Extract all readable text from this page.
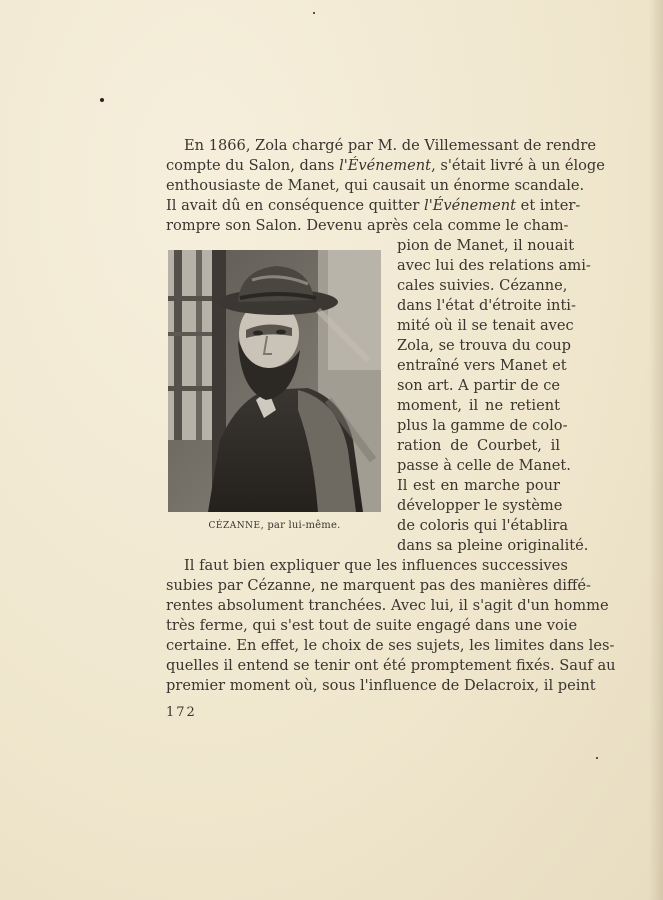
En 1866, Zola chargé par M. de Villemessant de rendre
compte du Salon, dans l'Événement, s'était livré à un éloge
enthousiaste de Manet, qui causait un énorme scandale.
Il avait dû en conséquence quitter l'Événement et inter-
rompre son Salon. Devenu après cela comme le cham-
pion de Manet, il nouait
avec lui des relations ami-
cales suivies. Cézanne,
dans l'état d'étroite inti-
mité où il se tenait avec
Zola, se trouva du coup
entraîné vers Manet et
son art. A partir de ce
moment, il ne retient
plus la gamme de colo-
ration de Courbet, il
passe à celle de Manet.
Il est en marche pour
développer le système
de coloris qui l'établira
dans sa pleine originalité.
CÉZANNE, par lui-même.
Il faut bien expliquer que les influences successives
subies par Cézanne, ne marquent pas des manières diffé-
rentes absolument tranchées. Avec lui, il s'agit d'un homme
très ferme, qui s'est tout de suite engagé dans une voie
certaine. En effet, le choix de ses sujets, les limites dans les-
quelles il entend se tenir ont été promptement fixés. Sauf au
premier moment où, sous l'influence de Delacroix, il peint
172
